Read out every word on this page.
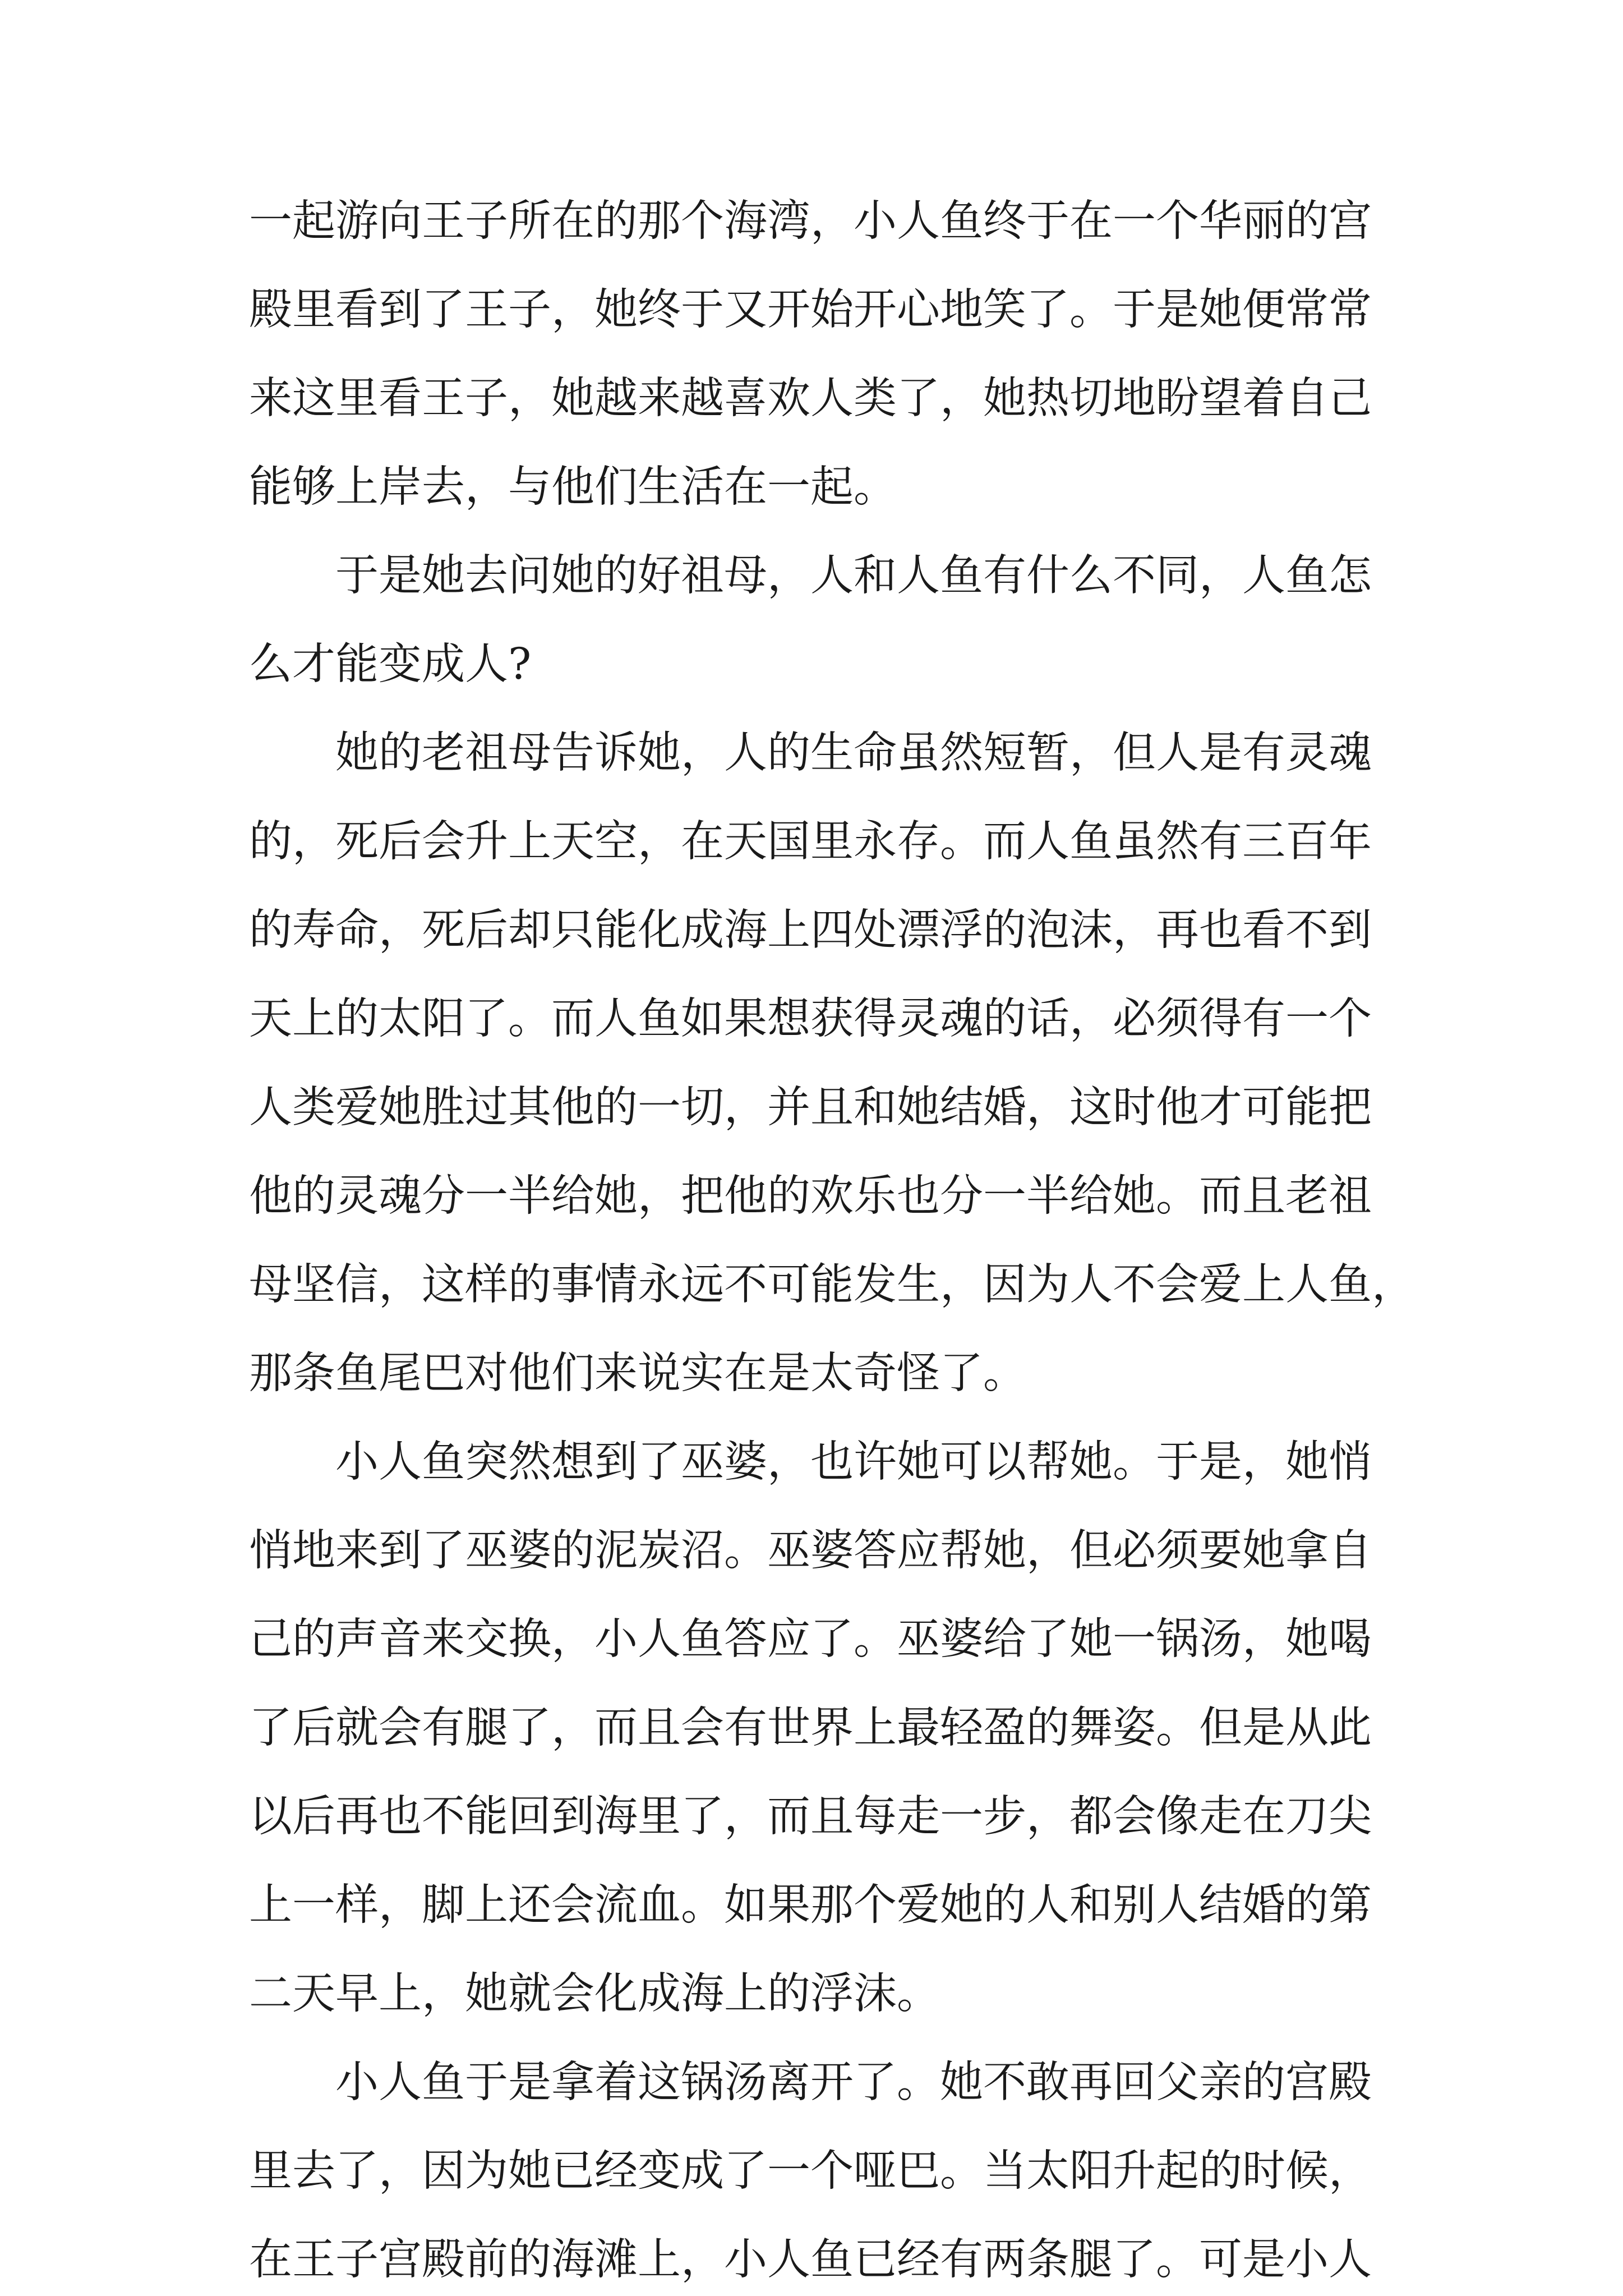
一起游向王子所在的那个海湾，小人鱼终于在一个华丽的宫
殿里看到了王子，她终于又开始开心地笑了。于是她便常常
来这里看王子，她越来越喜欢人类了，她热切地盼望着自己
能够上岸去，与他们生活在一起。
于是她去问她的好祖母，人和人鱼有什么不同，人鱼怎
么才能变成人?
她的老祖母告诉她，人的生命虽然短暂，但人是有灵魂
的，死后会升上天空，在天国里永存。而人鱼虽然有三百年
的寿命，死后却只能化成海上四处漂浮的泡沫，再也看不到
天上的太阳了。而人鱼如果想获得灵魂的话，必须得有一个
人类爱她胜过其他的一切，并且和她结婚，这时他才可能把
他的灵魂分一半给她，把他的欢乐也分一半给她。而且老祖
母坚信，这样的事情永远不可能发生，因为人不会爱上人鱼，
那条鱼尾巴对他们来说实在是太奇怪了。
小人鱼突然想到了巫婆，也许她可以帮她。于是，她悄
悄地来到了巫婆的泥炭沼。巫婆答应帮她，但必须要她拿自
己的声音来交换，小人鱼答应了。巫婆给了她一锅汤，她喝
了后就会有腿了，而且会有世界上最轻盈的舞姿。但是从此
以后再也不能回到海里了，而且每走一步，都会像走在刀尖
上一样，脚上还会流血。如果那个爱她的人和别人结婚的第
二天早上，她就会化成海上的浮沫。
小人鱼于是拿着这锅汤离开了。她不敢再回父亲的宫殿
里去了，因为她已经变成了一个哑巴。当太阳升起的时候，
在王子宫殿前的海滩上，小人鱼已经有两条腿了。可是小人
